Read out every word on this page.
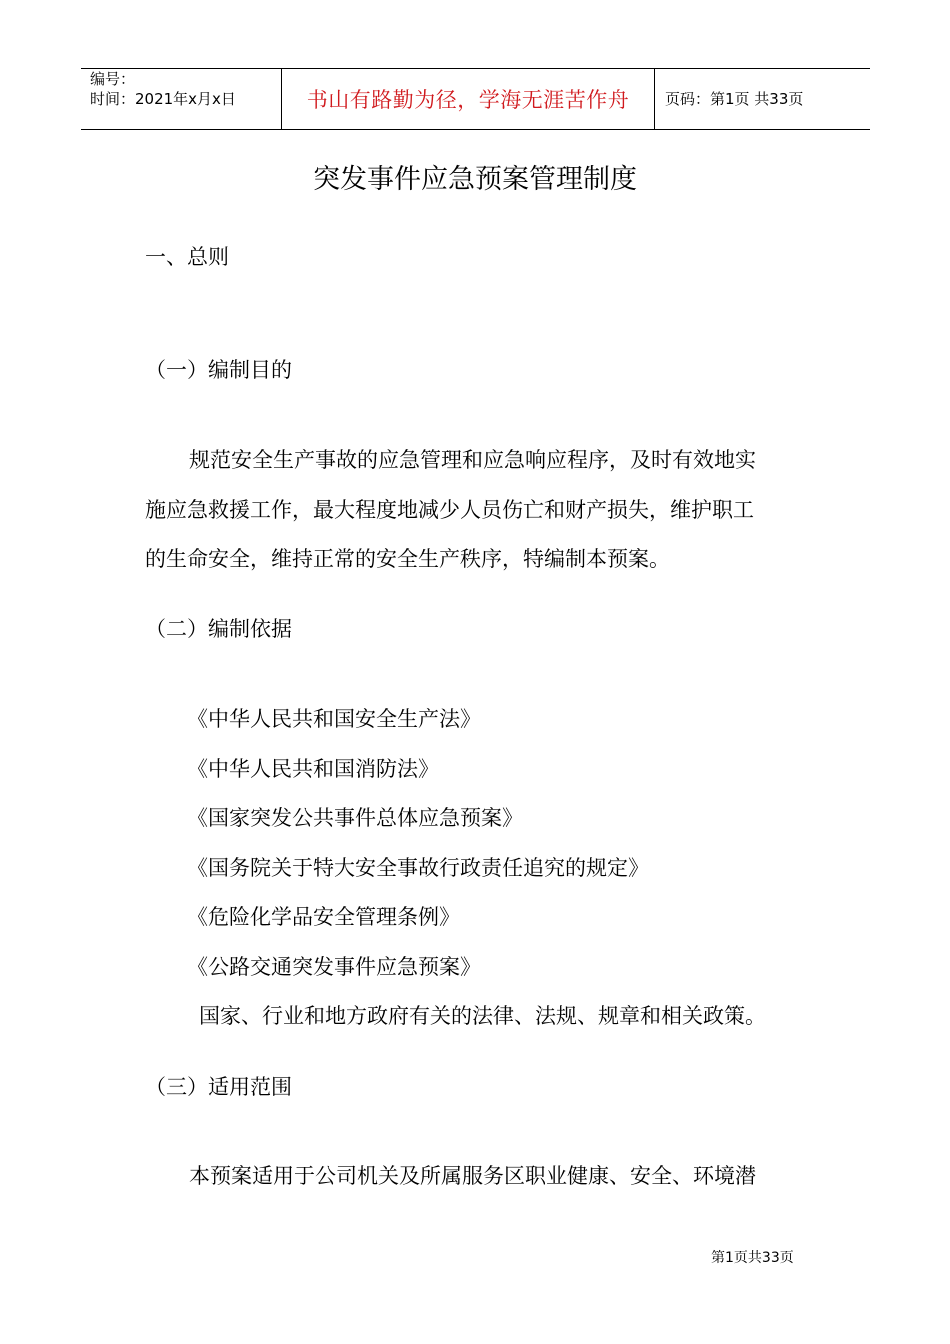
编号：
时间：2021年x月x日	书山有路勤为径，学海无涯苦作舟 页码：第1页 共33页
突发事件应急预案管理制度
一、总则
（一）编制目的
规范安全生产事故的应急管理和应急响应程序，及时有效地实
施应急救援工作，最大程度地减少人员伤亡和财产损失，维护职工
的生命安全，维持正常的安全生产秩序，特编制本预案。
（二）编制依据
《中华人民共和国安全生产法》
《中华人民共和国消防法》
《国家突发公共事件总体应急预案》
《国务院关于特大安全事故行政责任追究的规定》
《危险化学品安全管理条例》
《公路交通突发事件应急预案》
国家、行业和地方政府有关的法律、法规、规章和相关政策。
（三）适用范围
本预案适用于公司机关及所属服务区职业健康、安全、环境潜
第1页共33页
